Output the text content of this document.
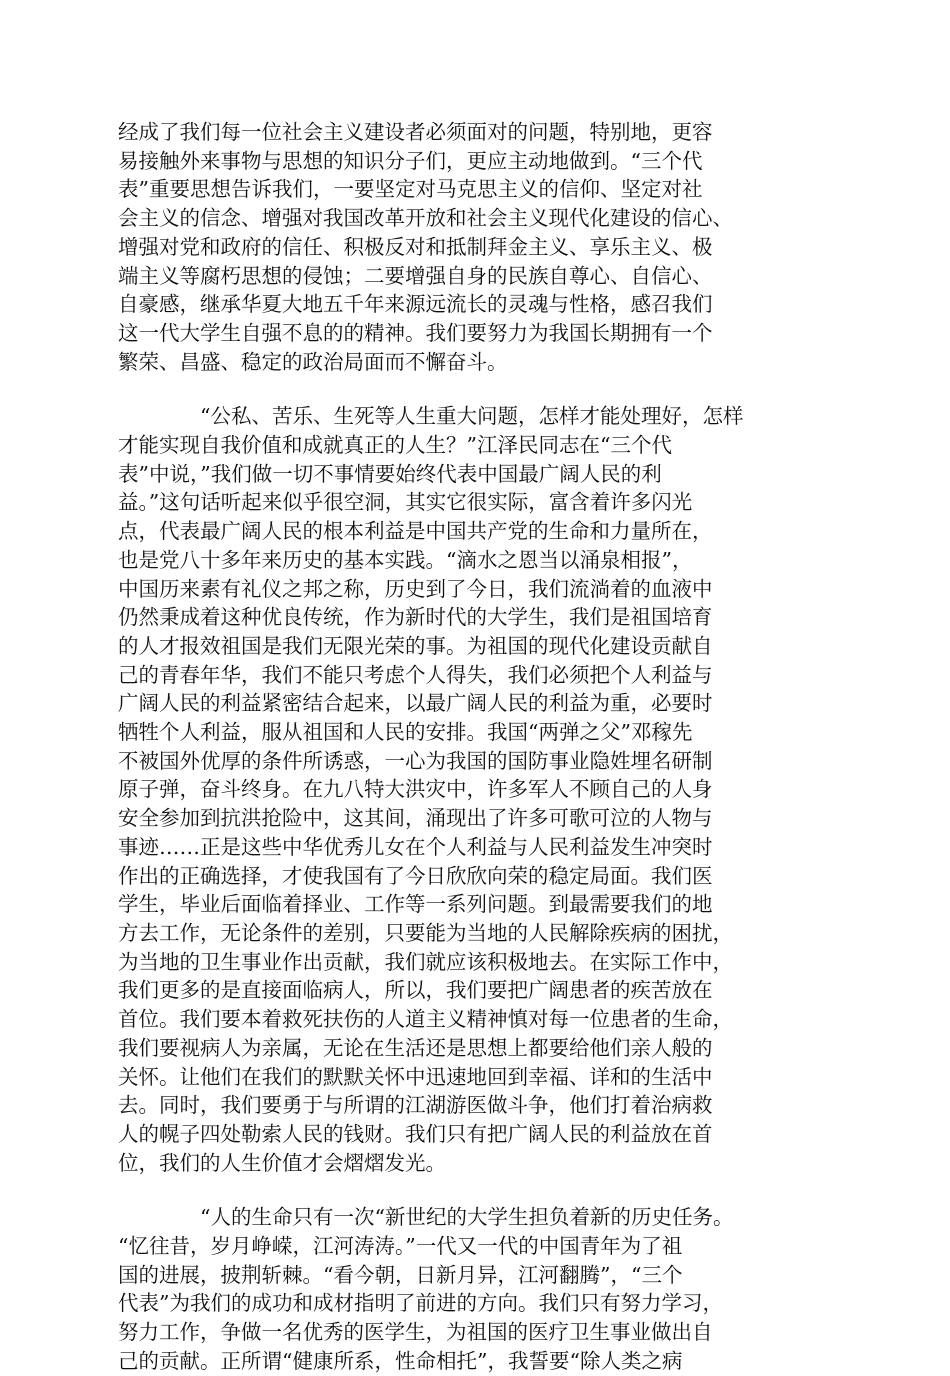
经成了我们每一位社会主义建设者必须面对的问题，特别地，更容
易接触外来事物与思想的知识分子们，更应主动地做到。“三个代
表”重要思想告诉我们，一要坚定对马克思主义的信仰、坚定对社
会主义的信念、增强对我国改革开放和社会主义现代化建设的信心、
增强对党和政府的信任、积极反对和抵制拜金主义、享乐主义、极
端主义等腐朽思想的侵蚀；二要增强自身的民族自尊心、自信心、
自豪感，继承华夏大地五千年来源远流长的灵魂与性格，感召我们
这一代大学生自强不息的的精神。我们要努力为我国长期拥有一个
繁荣、昌盛、稳定的政治局面而不懈奋斗。
“公私、苦乐、生死等人生重大问题，怎样才能处理好，怎样
才能实现自我价值和成就真正的人生？”江泽民同志在“三个代
表”中说，”我们做一切不事情要始终代表中国最广阔人民的利
益。”这句话听起来似乎很空洞，其实它很实际，富含着许多闪光
点，代表最广阔人民的根本利益是中国共产党的生命和力量所在，
也是党八十多年来历史的基本实践。“滴水之恩当以涌泉相报”，
中国历来素有礼仪之邦之称，历史到了今日，我们流淌着的血液中
仍然秉成着这种优良传统，作为新时代的大学生，我们是祖国培育
的人才报效祖国是我们无限光荣的事。为祖国的现代化建设贡献自
己的青春年华，我们不能只考虑个人得失，我们必须把个人利益与
广阔人民的利益紧密结合起来，以最广阔人民的利益为重，必要时
牺牲个人利益，服从祖国和人民的安排。我国“两弹之父”邓稼先
不被国外优厚的条件所诱惑，一心为我国的国防事业隐姓埋名研制
原子弹，奋斗终身。在九八特大洪灾中，许多军人不顾自己的人身
安全参加到抗洪抢险中，这其间，涌现出了许多可歌可泣的人物与
事迹……正是这些中华优秀儿女在个人利益与人民利益发生冲突时
作出的正确选择，才使我国有了今日欣欣向荣的稳定局面。我们医
学生，毕业后面临着择业、工作等一系列问题。到最需要我们的地
方去工作，无论条件的差别，只要能为当地的人民解除疾病的困扰，
为当地的卫生事业作出贡献，我们就应该积极地去。在实际工作中，
我们更多的是直接面临病人，所以，我们要把广阔患者的疾苦放在
首位。我们要本着救死扶伤的人道主义精神慎对每一位患者的生命，
我们要视病人为亲属，无论在生活还是思想上都要给他们亲人般的
关怀。让他们在我们的默默关怀中迅速地回到幸福、详和的生活中
去。同时，我们要勇于与所谓的江湖游医做斗争，他们打着治病救
人的幌子四处勒索人民的钱财。我们只有把广阔人民的利益放在首
位，我们的人生价值才会熠熠发光。
“人的生命只有一次“新世纪的大学生担负着新的历史任务。
“忆往昔，岁月峥嵘，江河涛涛。”一代又一代的中国青年为了祖
国的进展，披荆斩棘。“看今朝，日新月异，江河翻腾”，“三个
代表”为我们的成功和成材指明了前进的方向。我们只有努力学习，
努力工作，争做一名优秀的医学生，为祖国的医疗卫生事业做出自
己的贡献。正所谓“健康所系，性命相托”，我誓要“除人类之病
